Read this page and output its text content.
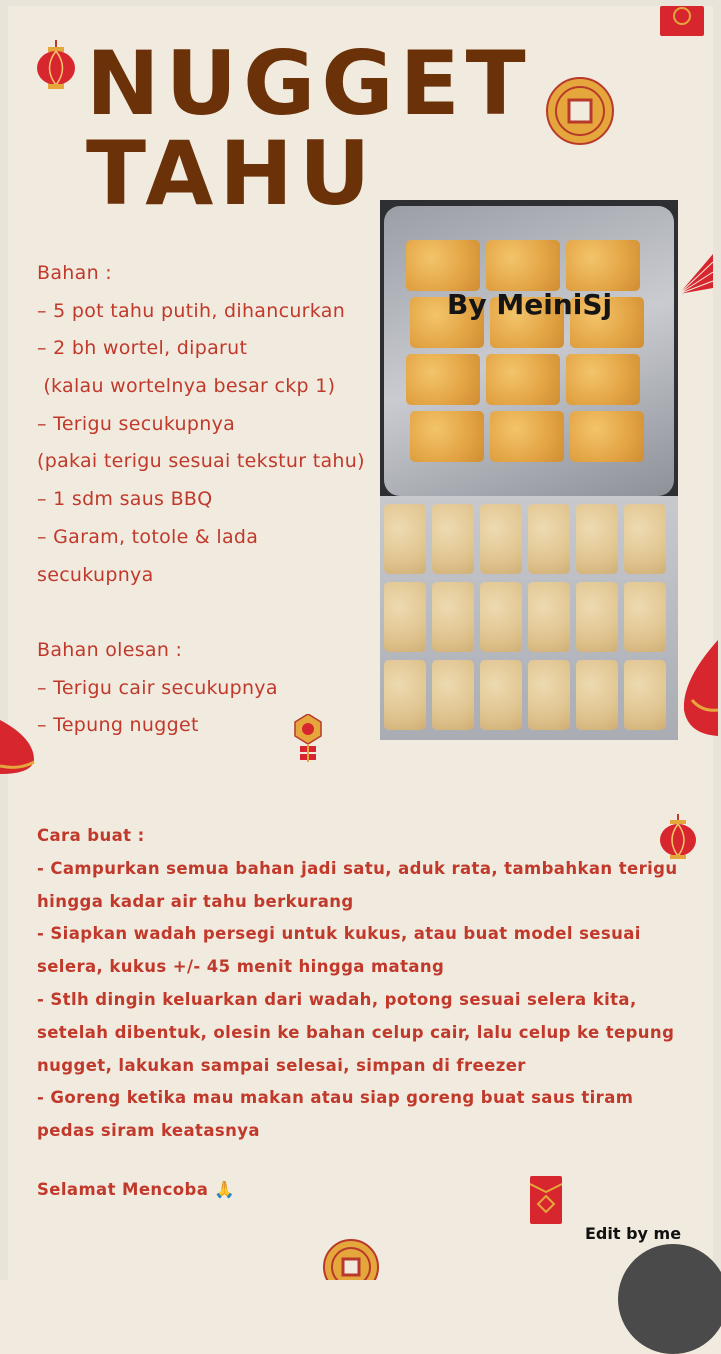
NUGGET
TAHU
Bahan :
– 5 pot tahu putih, dihancurkan
– 2 bh wortel, diparut
(kalau wortelnya besar ckp 1)
– Terigu secukupnya
(pakai terigu sesuai tekstur tahu)
– 1 sdm saus BBQ
– Garam, totole & lada
secukupnya
Bahan olesan :
– Terigu cair secukupnya
– Tepung nugget
By MeiniSj
Cara buat :
- Campurkan semua bahan jadi satu, aduk rata, tambahkan terigu
hingga kadar air tahu berkurang
- Siapkan wadah persegi untuk kukus, atau buat model sesuai
selera, kukus +/- 45 menit hingga matang
- Stlh dingin keluarkan dari wadah, potong sesuai selera kita,
setelah dibentuk, olesin ke bahan celup cair, lalu celup ke tepung
nugget, lakukan sampai selesai, simpan di freezer
- Goreng ketika mau makan atau siap goreng buat saus tiram
pedas siram keatasnya
Selamat Mencoba 🙏
Edit by me
